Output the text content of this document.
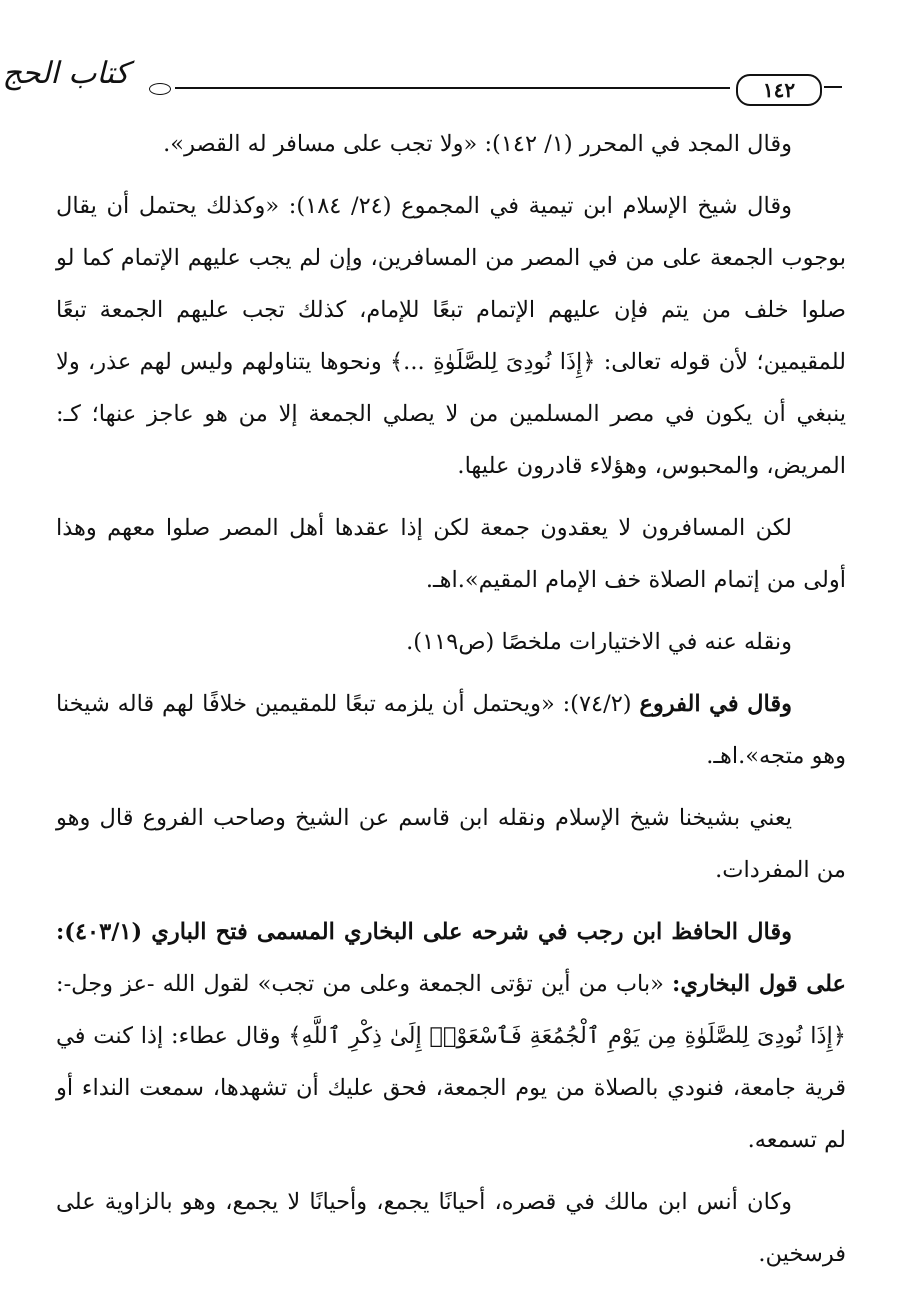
كتاب الحج	١٤٢

وقال المجد في المحرر (١/ ١٤٢): «ولا تجب على مسافر له القصر».

وقال شيخ الإسلام ابن تيمية في المجموع (٢٤/ ١٨٤): «وكذلك يحتمل أن يقال بوجوب الجمعة على من في المصر من المسافرين، وإن لم يجب عليهم الإتمام كما لو صلوا خلف من يتم فإن عليهم الإتمام تبعًا للإمام، كذلك تجب عليهم الجمعة تبعًا للمقيمين؛ لأن قوله تعالى: ﴿إِذَا نُودِىَ لِلصَّلَوٰةِ ...﴾ ونحوها يتناولهم وليس لهم عذر، ولا ينبغي أن يكون في مصر المسلمين من لا يصلي الجمعة إلا من هو عاجز عنها؛ كـ: المريض، والمحبوس، وهؤلاء قادرون عليها.

لكن المسافرون لا يعقدون جمعة لكن إذا عقدها أهل المصر صلوا معهم وهذا أولى من إتمام الصلاة خف الإمام المقيم».اهـ.

ونقله عنه في الاختيارات ملخصًا (ص١١٩).

وقال في الفروع (٧٤/٢): «ويحتمل أن يلزمه تبعًا للمقيمين خلافًا لهم قاله شيخنا وهو متجه».اهـ.

يعني بشيخنا شيخ الإسلام ونقله ابن قاسم عن الشيخ وصاحب الفروع قال وهو من المفردات.

وقال الحافظ ابن رجب في شرحه على البخاري المسمى فتح الباري (٤٠٣/١): على قول البخاري: «باب من أين تؤتى الجمعة وعلى من تجب» لقول الله -عز وجل-: ﴿إِذَا نُودِىَ لِلصَّلَوٰةِ مِن يَوْمِ ٱلْجُمُعَةِ فَٱسْعَوْا۟ إِلَىٰ ذِكْرِ ٱللَّهِ﴾ وقال عطاء: إذا كنت في قرية جامعة، فنودي بالصلاة من يوم الجمعة، فحق عليك أن تشهدها، سمعت النداء أو لم تسمعه.

وكان أنس ابن مالك في قصره، أحيانًا يجمع، وأحيانًا لا يجمع، وهو بالزاوية على فرسخين.
